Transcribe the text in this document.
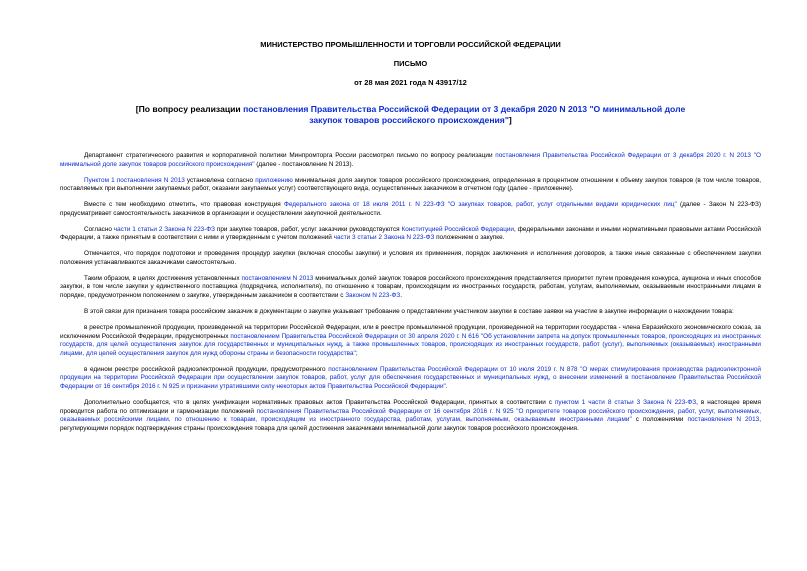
МИНИСТЕРСТВО ПРОМЫШЛЕННОСТИ И ТОРГОВЛИ РОССИЙСКОЙ ФЕДЕРАЦИИ
ПИСЬМО
от 28 мая 2021 года N 43917/12
[По вопросу реализации постановления Правительства Российской Федерации от 3 декабря 2020 N 2013 "О минимальной доле закупок товаров российского происхождения"]

Департамент стратегического развития и корпоративной политики Минпромторга России рассмотрел письмо по вопросу реализации постановления Правительства Российской Федерации от 3 декабря 2020 г. N 2013 "О минимальной доле закупок товаров российского происхождения" (далее - постановление N 2013).

Пунктом 1 постановления N 2013 установлена согласно приложению минимальная доля закупок товаров российского происхождения, определенная в процентном отношении к объему закупок товаров (в том числе товаров, поставляемых при выполнении закупаемых работ, оказании закупаемых услуг) соответствующего вида, осуществленных заказчиком в отчетном году (далее - приложение).

Вместе с тем необходимо отметить, что правовая конструкция Федерального закона от 18 июля 2011 г. N 223-ФЗ "О закупках товаров, работ, услуг отдельными видами юридических лиц" (далее - Закон N 223-ФЗ) предусматривает самостоятельность заказчиков в организации и осуществлении закупочной деятельности.

Согласно части 1 статьи 2 Закона N 223-ФЗ при закупке товаров, работ, услуг заказчики руководствуются Конституцией Российской Федерации, федеральными законами и иными нормативными правовыми актами Российской Федерации, а также принятым в соответствии с ними и утвержденным с учетом положений части 3 статьи 2 Закона N 223-ФЗ положением о закупке.

Отмечается, что порядок подготовки и проведения процедур закупки (включая способы закупки) и условия их применения, порядок заключения и исполнения договоров, а также иные связанные с обеспечением закупки положения устанавливаются заказчиками самостоятельно.

Таким образом, в целях достижения установленных постановлением N 2013 минимальных долей закупок товаров российского происхождения представляется приоритет путем проведения конкурса, аукциона и иных способов закупки, в том числе закупки у единственного поставщика (подрядчика, исполнителя), по отношению к товарам, происходящим из иностранных государств, работам, услугам, выполняемым, оказываемым иностранными лицами в порядке, предусмотренном положением о закупке, утвержденным заказчиком в соответствии с Законом N 223-ФЗ.

В этой связи для признания товара российским заказчик в документации о закупке указывает требование о представлении участником закупки в составе заявки на участие в закупке информации о нахождении товара:

в реестре промышленной продукции, произведенной на территории Российской Федерации, или в реестре промышленной продукции, произведенной на территории государства - члена Евразийского экономического союза, за исключением Российской Федерации, предусмотренных постановлением Правительства Российской Федерации от 30 апреля 2020 г. N 616 "Об установлении запрета на допуск промышленных товаров, происходящих из иностранных государств, для целей осуществления закупок для государственных и муниципальных нужд, а также промышленных товаров, происходящих из иностранных государств, работ (услуг), выполняемых (оказываемых) иностранными лицами, для целей осуществления закупок для нужд обороны страны и безопасности государства";

в едином реестре российской радиоэлектронной продукции, предусмотренного постановлением Правительства Российской Федерации от 10 июля 2019 г. N 878 "О мерах стимулирования производства радиоэлектронной продукции на территории Российской Федерации при осуществлении закупок товаров, работ, услуг для обеспечения государственных и муниципальных нужд, о внесении изменений в постановление Правительства Российской Федерации от 16 сентября 2016 г. N 925 и признании утратившими силу некоторых актов Правительства Российской Федерации".

Дополнительно сообщается, что в целях унификации нормативных правовых актов Правительства Российской Федерации, принятых в соответствии с пунктом 1 части 8 статьи 3 Закона N 223-ФЗ, в настоящее время проводится работа по оптимизации и гармонизации положений постановления Правительства Российской Федерации от 16 сентября 2016 г. N 925 "О приоритете товаров российского происхождения, работ, услуг, выполняемых, оказываемых российскими лицами, по отношению к товарам, происходящим из иностранного государства, работам, услугам, выполняемым, оказываемым иностранными лицами" с положениями постановления N 2013, регулирующими порядок подтверждения страны происхождения товара для целей достижения заказчиками минимальной доли закупок товаров российского происхождения.
